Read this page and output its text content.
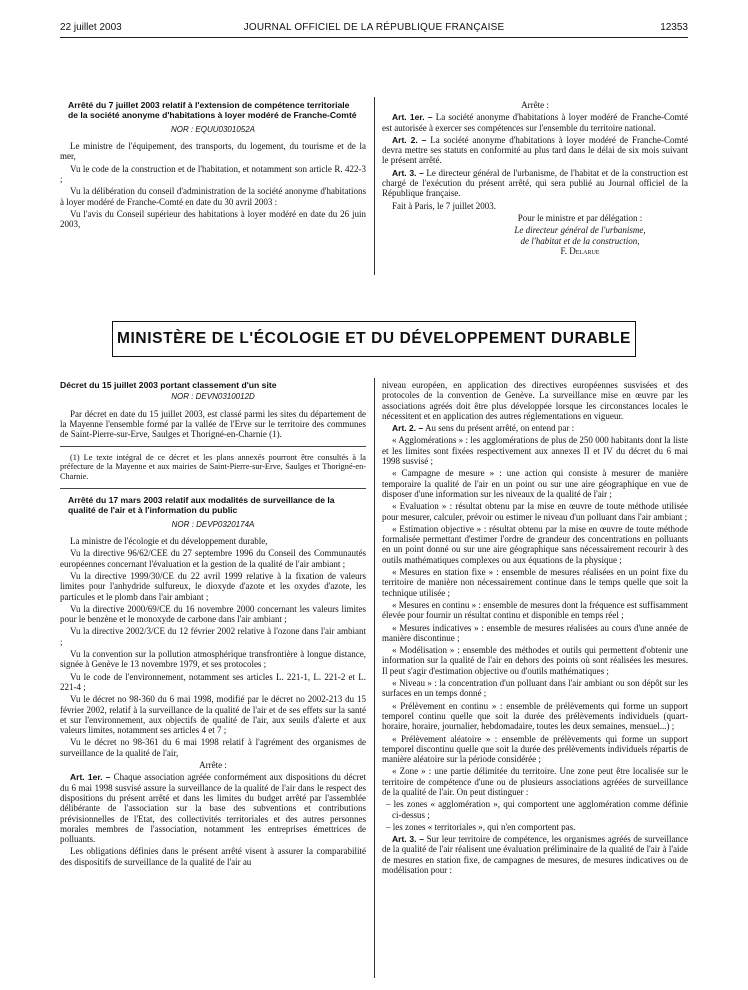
22 juillet 2003	JOURNAL OFFICIEL DE LA RÉPUBLIQUE FRANÇAISE	12353
Arrêté du 7 juillet 2003 relatif à l'extension de compétence territoriale de la société anonyme d'habitations à loyer modéré de Franche-Comté
NOR : EQUU0301052A

Le ministre de l'équipement, des transports, du logement, du tourisme et de la mer,

Vu le code de la construction et de l'habitation, et notamment son article R. 422-3 ;

Vu la délibération du conseil d'administration de la société anonyme d'habitations à loyer modéré de Franche-Comté en date du 30 avril 2003 :

Vu l'avis du Conseil supérieur des habitations à loyer modéré en date du 26 juin 2003,

Arrête :

Art. 1er. – La société anonyme d'habitations à loyer modéré de Franche-Comté est autorisée à exercer ses compétences sur l'ensemble du territoire national.

Art. 2. – La société anonyme d'habitations à loyer modéré de Franche-Comté devra mettre ses statuts en conformité au plus tard dans le délai de six mois suivant le présent arrêté.

Art. 3. – Le directeur général de l'urbanisme, de l'habitat et de la construction est chargé de l'exécution du présent arrêté, qui sera publié au Journal officiel de la République française.

Fait à Paris, le 7 juillet 2003.

Pour le ministre et par délégation :

Le directeur général de l'urbanisme,

de l'habitat et de la construction,

F. Delarue

MINISTÈRE DE L'ÉCOLOGIE ET DU DÉVELOPPEMENT DURABLE
Décret du 15 juillet 2003 portant classement d'un site
NOR : DEVN0310012D

Par décret en date du 15 juillet 2003, est classé parmi les sites du département de la Mayenne l'ensemble formé par la vallée de l'Erve sur le territoire des communes de Saint-Pierre-sur-Erve, Saulges et Thorigné-en-Charnie (1).

(1) Le texte intégral de ce décret et les plans annexés pourront être consultés à la préfecture de la Mayenne et aux mairies de Saint-Pierre-sur-Erve, Saulges et Thorigné-en-Charnie.

Arrêté du 17 mars 2003 relatif aux modalités de surveillance de la qualité de l'air et à l'information du public
NOR : DEVP0320174A

La ministre de l'écologie et du développement durable,

Vu la directive 96/62/CEE du 27 septembre 1996 du Conseil des Communautés européennes concernant l'évaluation et la gestion de la qualité de l'air ambiant ;

Vu la directive 1999/30/CE du 22 avril 1999 relative à la fixation de valeurs limites pour l'anhydride sulfureux, le dioxyde d'azote et les oxydes d'azote, les particules et le plomb dans l'air ambiant ;

Vu la directive 2000/69/CE du 16 novembre 2000 concernant les valeurs limites pour le benzène et le monoxyde de carbone dans l'air ambiant ;

Vu la directive 2002/3/CE du 12 février 2002 relative à l'ozone dans l'air ambiant ;

Vu la convention sur la pollution atmosphérique transfrontière à longue distance, signée à Genève le 13 novembre 1979, et ses protocoles ;

Vu le code de l'environnement, notamment ses articles L. 221-1, L. 221-2 et L. 221-4 ;

Vu le décret no 98-360 du 6 mai 1998, modifié par le décret no 2002-213 du 15 février 2002, relatif à la surveillance de la qualité de l'air et de ses effets sur la santé et sur l'environnement, aux objectifs de qualité de l'air, aux seuils d'alerte et aux valeurs limites, notamment ses articles 4 et 7 ;

Vu le décret no 98-361 du 6 mai 1998 relatif à l'agrément des organismes de surveillance de la qualité de l'air,

Arrête :

Art. 1er. – Chaque association agréée conformément aux dispositions du décret du 6 mai 1998 susvisé assure la surveillance de la qualité de l'air dans le respect des dispositions du présent arrêté et dans les limites du budget arrêté par l'assemblée délibérante de l'association sur la base des subventions et contributions prévisionnelles de l'Etat, des collectivités territoriales et des autres personnes morales membres de l'association, notamment les entreprises émettrices de polluants.

Les obligations définies dans le présent arrêté visent à assurer la comparabilité des dispositifs de surveillance de la qualité de l'air au

niveau européen, en application des directives européennes susvisées et des protocoles de la convention de Genève. La surveillance mise en œuvre par les associations agréés doit être plus développée lorsque les circonstances locales le nécessitent et en application des autres réglementations en vigueur.

Art. 2. – Au sens du présent arrêté, on entend par :

« Agglomérations » : les agglomérations de plus de 250 000 habitants dont la liste et les limites sont fixées respectivement aux annexes II et IV du décret du 6 mai 1998 susvisé ;

« Campagne de mesure » : une action qui consiste à mesurer de manière temporaire la qualité de l'air en un point ou sur une aire géographique en vue de disposer d'une information sur les niveaux de la qualité de l'air ;

« Evaluation » : résultat obtenu par la mise en œuvre de toute méthode utilisée pour mesurer, calculer, prévoir ou estimer le niveau d'un polluant dans l'air ambiant ;

« Estimation objective » : résultat obtenu par la mise en œuvre de toute méthode formalisée permettant d'estimer l'ordre de grandeur des concentrations en polluants en un point donné ou sur une aire géographique sans nécessairement recourir à des outils mathématiques complexes ou aux équations de la physique ;

« Mesures en station fixe » : ensemble de mesures réalisées en un point fixe du territoire de manière non nécessairement continue dans le temps quelle que soit la technique utilisée ;

« Mesures en continu » : ensemble de mesures dont la fréquence est suffisamment élevée pour fournir un résultat continu et disponible en temps réel ;

« Mesures indicatives » : ensemble de mesures réalisées au cours d'une année de manière discontinue ;

« Modélisation » : ensemble des méthodes et outils qui permettent d'obtenir une information sur la qualité de l'air en dehors des points où sont réalisées les mesures. Il peut s'agir d'estimation objective ou d'outils mathématiques ;

« Niveau » : la concentration d'un polluant dans l'air ambiant ou son dépôt sur les surfaces en un temps donné ;

« Prélèvement en continu » : ensemble de prélèvements qui forme un support temporel continu quelle que soit la durée des prélèvements individuels (quart-horaire, horaire, journalier, hebdomadaire, toutes les deux semaines, mensuel...) ;

« Prélèvement aléatoire » : ensemble de prélèvements qui forme un support temporel discontinu quelle que soit la durée des prélèvements individuels répartis de manière aléatoire sur la période considérée ;

« Zone » : une partie délimitée du territoire. Une zone peut être localisée sur le territoire de compétence d'une ou de plusieurs associations agréées de surveillance de la qualité de l'air. On peut distinguer :

– les zones « agglomération », qui comportent une agglomération comme définie ci-dessus ;

– les zones « territoriales », qui n'en comportent pas.

Art. 3. – Sur leur territoire de compétence, les organismes agréés de surveillance de la qualité de l'air réalisent une évaluation préliminaire de la qualité de l'air à l'aide de mesures en station fixe, de campagnes de mesures, de mesures indicatives ou de modélisation pour :
